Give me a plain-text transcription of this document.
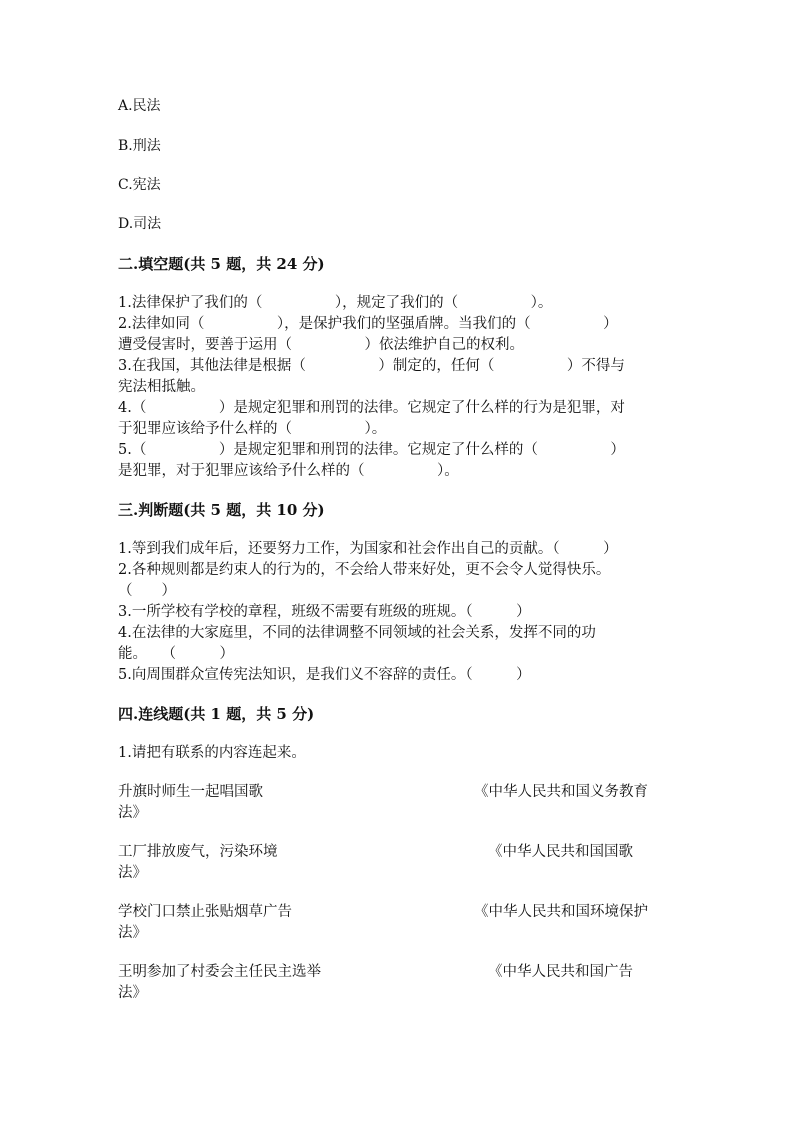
A.民法
B.刑法
C.宪法
D.司法
二.填空题(共 5 题，共 24 分)
1.法律保护了我们的（　　　　　），规定了我们的（　　　　　）。
2.法律如同（　　　　　），是保护我们的坚强盾牌。当我们的（　　　　　）
遭受侵害时，要善于运用（　　　　　）依法维护自己的权利。
3.在我国，其他法律是根据（　　　　　）制定的，任何（　　　　　）不得与
宪法相抵触。
4.（　　　　　）是规定犯罪和刑罚的法律。它规定了什么样的行为是犯罪，对
于犯罪应该给予什么样的（　　　　　）。
5.（　　　　　）是规定犯罪和刑罚的法律。它规定了什么样的（　　　　　）
是犯罪，对于犯罪应该给予什么样的（　　　　　）。
三.判断题(共 5 题，共 10 分)
1.等到我们成年后，还要努力工作，为国家和社会作出自己的贡献。（　　　）
2.各种规则都是约束人的行为的，不会给人带来好处，更不会令人觉得快乐。
（　　）
3.一所学校有学校的章程，班级不需要有班级的班规。（　　　）
4.在法律的大家庭里，不同的法律调整不同领域的社会关系，发挥不同的功
能。　　（　　　）
5.向周围群众宣传宪法知识，是我们义不容辞的责任。（　　　）
四.连线题(共 1 题，共 5 分)
1.请把有联系的内容连起来。
升旗时师生一起唱国歌	《中华人民共和国义务教育
法》
工厂排放废气，污染环境	《中华人民共和国国歌
法》
学校门口禁止张贴烟草广告	《中华人民共和国环境保护
法》
王明参加了村委会主任民主选举	《中华人民共和国广告
法》
